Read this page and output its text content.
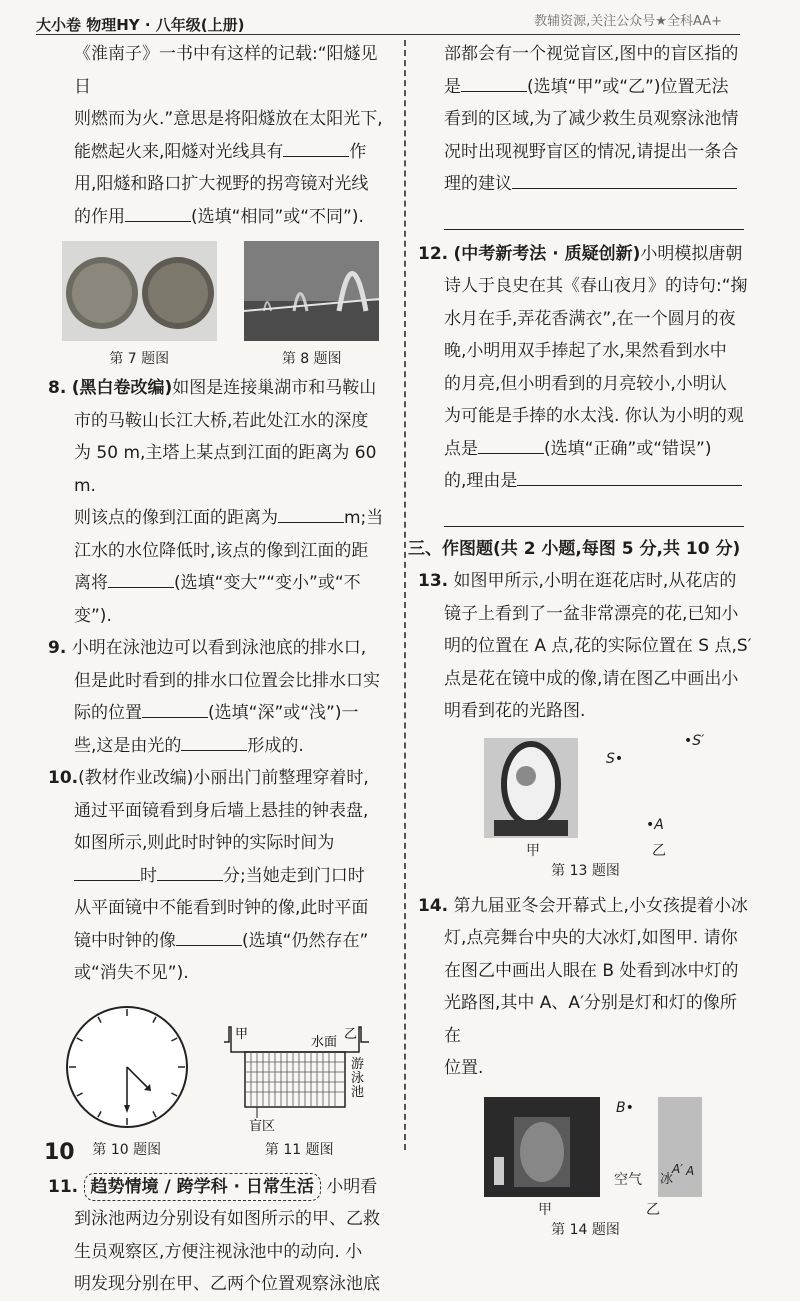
大小卷 物理HY · 八年级(上册)	教辅资源,关注公众号★全科AA+

《淮南子》一书中有这样的记载:“阳燧见日

则燃而为火.”意思是将阳燧放在太阳光下,

能燃起火来,阳燧对光线具有	作

用,阳燧和路口扩大视野的拐弯镜对光线

的作用	(选填“相同”或“不同”).

第 7 题图	第 8 题图

8. (黑白卷改编)如图是连接巢湖市和马鞍山

市的马鞍山长江大桥,若此处江水的深度

为 50 m,主塔上某点到江面的距离为 60 m.

则该点的像到江面的距离为	m;当

江水的水位降低时,该点的像到江面的距

离将	(选填“变大”“变小”或“不

变”).

9. 小明在泳池边可以看到泳池底的排水口,

但是此时看到的排水口位置会比排水口实

际的位置	(选填“深”或“浅”)一

些,这是由光的	形成的.

10.(教材作业改编)小丽出门前整理穿着时,

通过平面镜看到身后墙上悬挂的钟表盘,

如图所示,则此时时钟的实际时间为

时	分;当她走到门口时

从平面镜中不能看到时钟的像,此时平面

镜中时钟的像	(选填“仍然存在”

或“消失不见”).

第 10 题图
甲	乙
水面
盲区
游
泳
池
第 11 题图

11. 趋势情境 / 跨学科 · 日常生活 小明看

到泳池两边分别设有如图所示的甲、乙救

生员观察区,方便注视泳池中的动向. 小

明发现分别在甲、乙两个位置观察泳池底

部都会有一个视觉盲区,图中的盲区指的

是	(选填“甲”或“乙”)位置无法

看到的区域,为了减少救生员观察泳池情

况时出现视野盲区的情况,请提出一条合

理的建议

12. (中考新考法 · 质疑创新)小明模拟唐朝

诗人于良史在其《春山夜月》的诗句:“掬

水月在手,弄花香满衣”,在一个圆月的夜

晚,小明用双手捧起了水,果然看到水中

的月亮,但小明看到的月亮较小,小明认

为可能是手捧的水太浅. 你认为小明的观

点是	(选填“正确”或“错误”)

的,理由是

三、作图题(共 2 小题,每图 5 分,共 10 分)

13. 如图甲所示,小明在逛花店时,从花店的

镜子上看到了一盆非常漂亮的花,已知小

明的位置在 A 点,花的实际位置在 S 点,S′

点是花在镜中成的像,请在图乙中画出小

明看到花的光路图.

甲
S•
•S′
•A
乙
第 13 题图

14. 第九届亚冬会开幕式上,小女孩提着小冰

灯,点亮舞台中央的大冰灯,如图甲. 请你

在图乙中画出人眼在 B 处看到冰中灯的

光路图,其中 A、A′分别是灯和灯的像所在

位置.

甲
B•
空气 冰
A′ A
乙
第 14 题图
10
